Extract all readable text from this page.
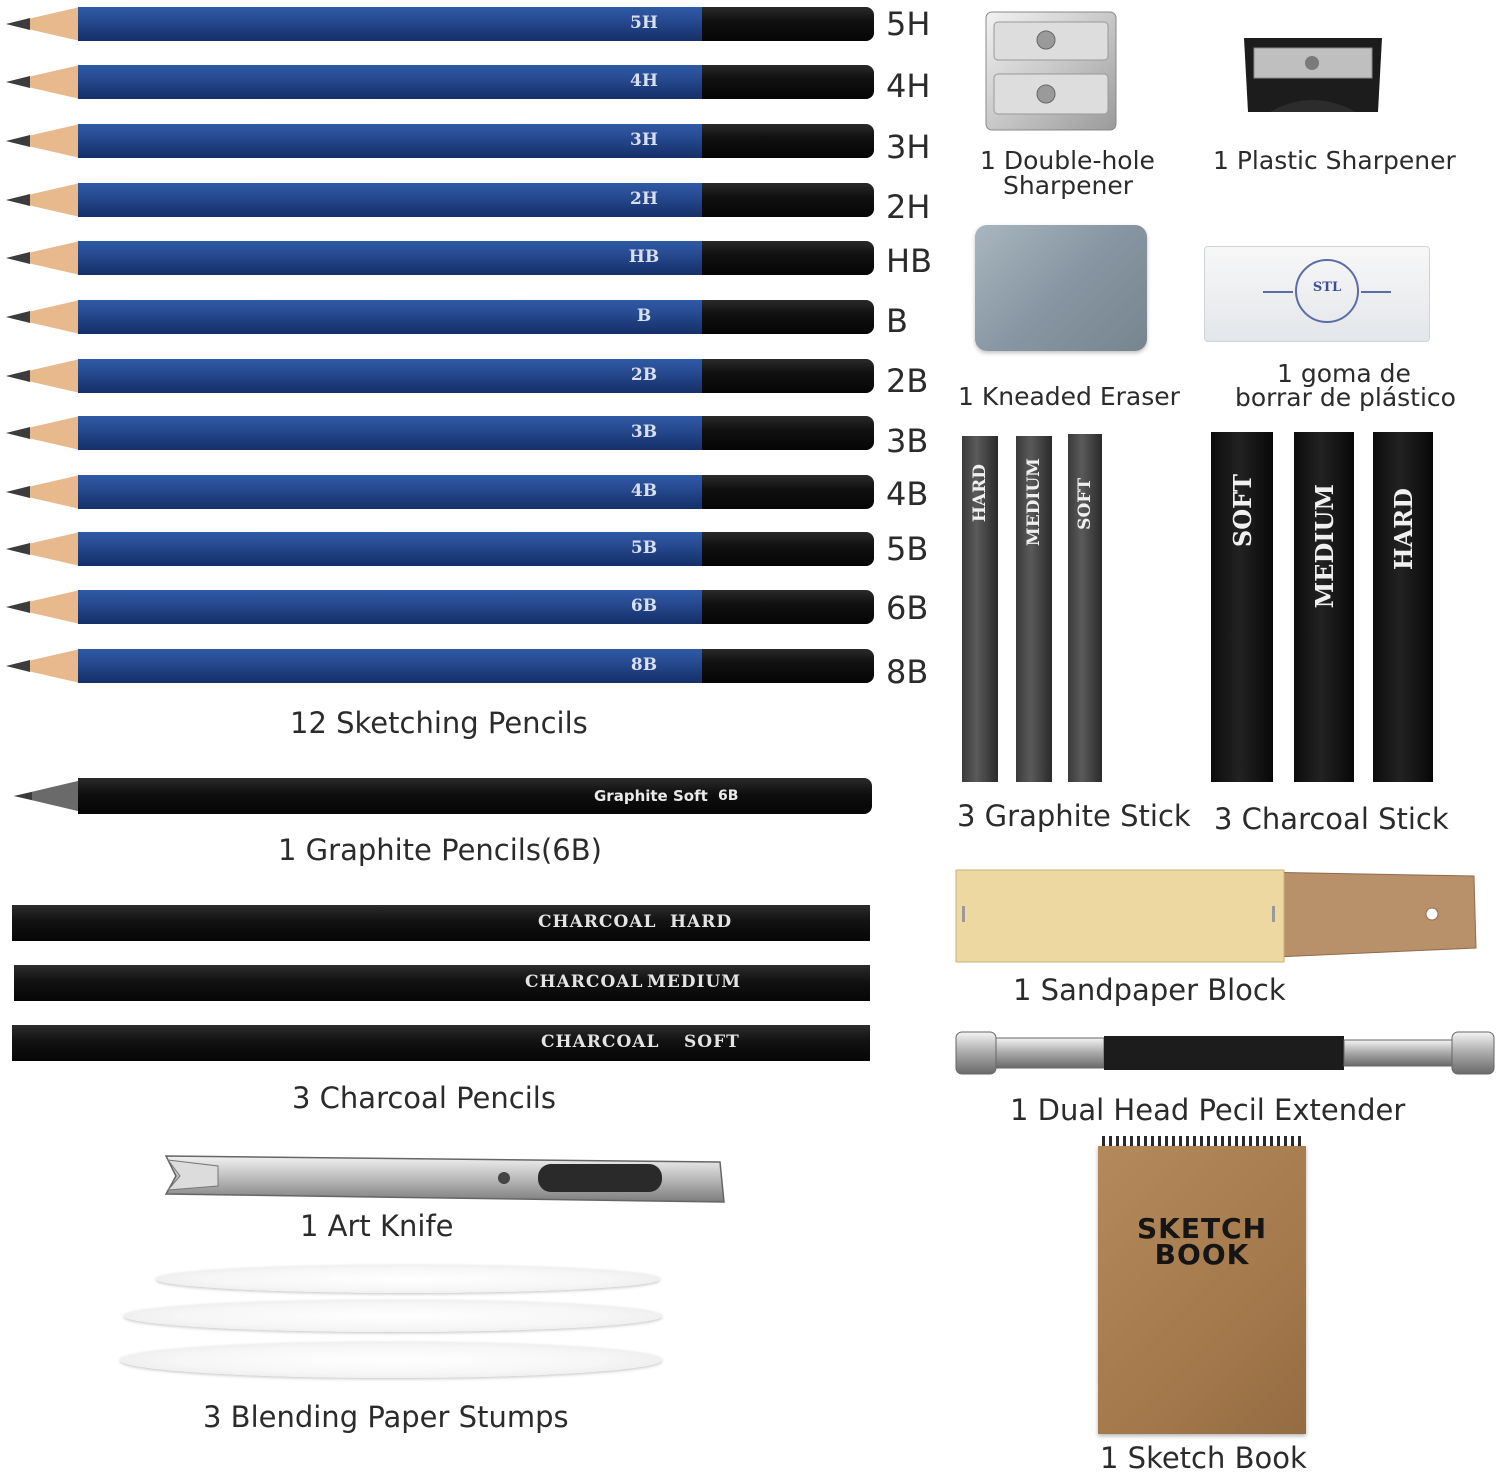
5H	5H
4H	4H
3H	3H
2H	2H
HB	HB
B	B
2B	2B
3B	3B
4B	4B
5B	5B
6B	6B
8B	8B
12 Sketching Pencils
Graphite Soft 6B
1 Graphite Pencils(6B)
CHARCOAL HARD
CHARCOAL MEDIUM
CHARCOAL SOFT
3 Charcoal Pencils
1 Art Knife
3 Blending Paper Stumps
1 Double-hole
Sharpener
1 Plastic Sharpener
1 Kneaded Eraser
STL
1 goma de
borrar de plástico
HARD MEDIUM SOFT
3 Graphite Stick
SOFT MEDIUM HARD
3 Charcoal Stick
1 Sandpaper Block
1 Dual Head Pecil Extender
SKETCH
BOOK
1 Sketch Book
